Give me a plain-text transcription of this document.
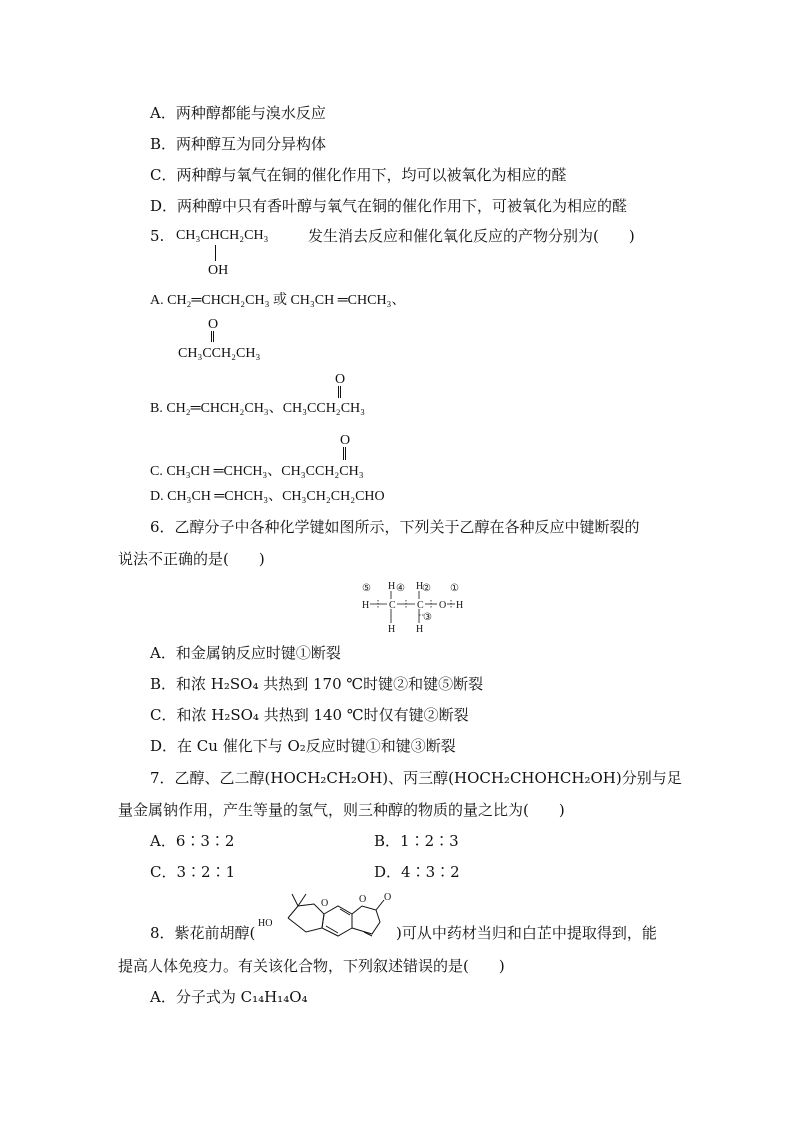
A．两种醇都能与溴水反应
B．两种醇互为同分异构体
C．两种醇与氧气在铜的催化作用下，均可以被氧化为相应的醛
D．两种醇中只有香叶醇与氧气在铜的催化作用下，可被氧化为相应的醛
5. CH₃CHCH₂CH₃	发生消去反应和催化氧化反应的产物分别为(　　)
OH
A. CH₂═CHCH₂CH₃ 或 CH₃CH ═CHCH₃、
O
CH₃CCH₂CH₃
O
B. CH₂═CHCH₂CH₃、CH₃CCH₂CH₃
O
C. CH₃CH ═CHCH₃、CH₃CCH₂CH₃
D. CH₃CH ═CHCH₃、CH₃CH₂CH₂CHO
6．乙醇分子中各种化学键如图所示，下列关于乙醇在各种反应中键断裂的
说法不正确的是(　　)
⑤ H ④ H
② ①
H C C O H
③
H H
A．和金属钠反应时键①断裂
B．和浓 H₂SO₄ 共热到 170 ℃时键②和键⑤断裂
C．和浓 H₂SO₄ 共热到 140 ℃时仅有键②断裂
D．在 Cu 催化下与 O₂反应时键①和键③断裂
7．乙醇、乙二醇(HOCH₂CH₂OH)、丙三醇(HOCH₂CHOHCH₂OH)分别与足
量金属钠作用，产生等量的氢气，则三种醇的物质的量之比为(　　)
A．6∶3∶2	B．1∶2∶3
C．3∶2∶1	D．4∶3∶2
8．紫花前胡醇(
HO
O	O O
)可从中药材当归和白芷中提取得到，能
提高人体免疫力。有关该化合物，下列叙述错误的是(　　)
A．分子式为 C₁₄H₁₄O₄
